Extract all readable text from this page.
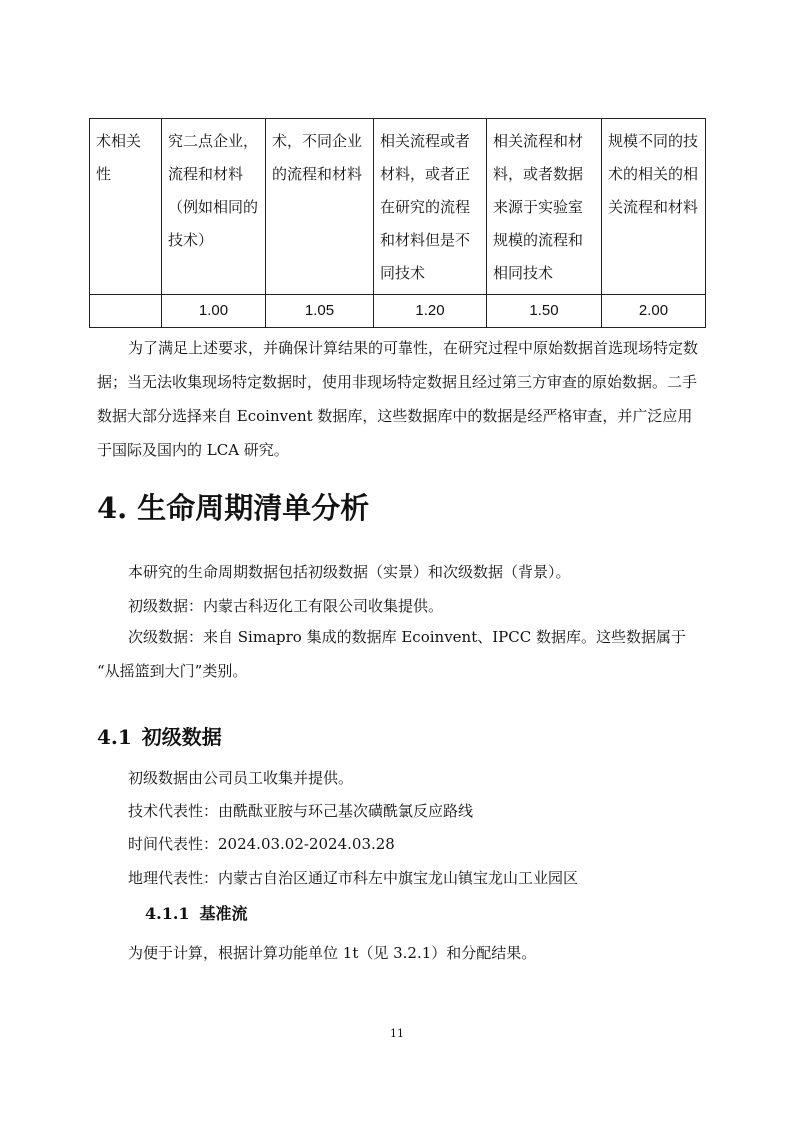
术相关性	究二点企业，流程和材料（例如相同的技术）	术，不同企业的流程和材料	相关流程或者材料，或者正在研究的流程和材料但是不同技术	相关流程和材料，或者数据来源于实验室规模的流程和相同技术	规模不同的技术的相关的相关流程和材料
	1.00	1.05	1.20	1.50	2.00

为了满足上述要求，并确保计算结果的可靠性，在研究过程中原始数据首选现场特定数据；当无法收集现场特定数据时，使用非现场特定数据且经过第三方审查的原始数据。二手数据大部分选择来自 Ecoinvent 数据库，这些数据库中的数据是经严格审查，并广泛应用于国际及国内的 LCA 研究。

4. 生命周期清单分析

本研究的生命周期数据包括初级数据（实景）和次级数据（背景）。

初级数据：内蒙古科迈化工有限公司收集提供。

次级数据：来自 Simapro 集成的数据库 Ecoinvent、IPCC 数据库。这些数据属于

“从摇篮到大门”类别。

4.1 初级数据

初级数据由公司员工收集并提供。

技术代表性：由酰酞亚胺与环己基次磺酰氯反应路线

时间代表性：2024.03.02-2024.03.28

地理代表性：内蒙古自治区通辽市科左中旗宝龙山镇宝龙山工业园区

4.1.1 基准流

为便于计算，根据计算功能单位 1t（见 3.2.1）和分配结果。

11
